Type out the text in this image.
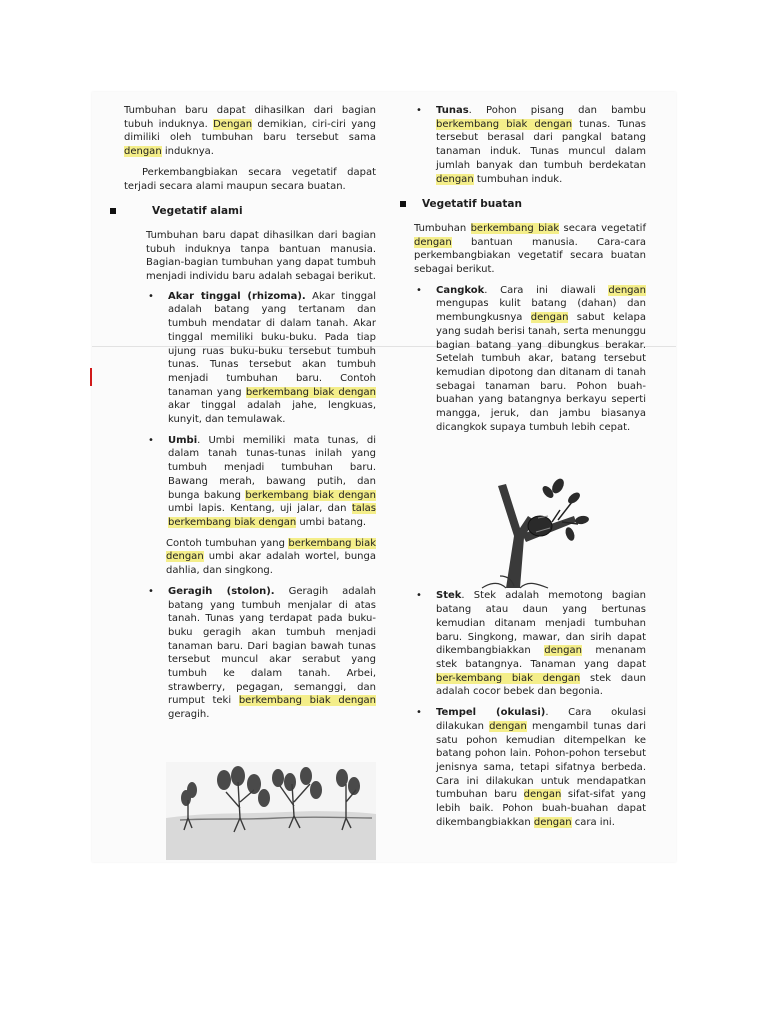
Tumbuhan baru dapat dihasilkan dari bagian tubuh induknya. Dengan demikian, ciri-ciri yang dimiliki oleh tumbuhan baru tersebut sama dengan induknya.

Perkembangbiakan secara vegetatif dapat terjadi secara alami maupun secara buatan.

Vegetatif alami

Tumbuhan baru dapat dihasilkan dari bagian tubuh induknya tanpa bantuan manusia. Bagian-bagian tumbuhan yang dapat tumbuh menjadi individu baru adalah sebagai berikut.

• Akar tinggal (rhizoma). Akar tinggal adalah batang yang tertanam dan tumbuh mendatar di dalam tanah. Akar tinggal memiliki buku-buku. Pada tiap ujung ruas buku-buku tersebut tumbuh tunas. Tunas tersebut akan tumbuh menjadi tumbuhan baru. Contoh tanaman yang berkembang biak dengan akar tinggal adalah jahe, lengkuas, kunyit, dan temulawak.
• Umbi. Umbi memiliki mata tunas, di dalam tanah tunas-tunas inilah yang tumbuh menjadi tumbuhan baru. Bawang merah, bawang putih, dan bunga bakung berkembang biak dengan umbi lapis. Kentang, uji jalar, dan talas berkembang biak dengan umbi batang.

Contoh tumbuhan yang berkembang biak dengan umbi akar adalah wortel, bunga dahlia, dan singkong.

• Geragih (stolon). Geragih adalah batang yang tumbuh menjalar di atas tanah. Tunas yang terdapat pada buku-buku geragih akan tumbuh menjadi tanaman baru. Dari bagian bawah tunas tersebut muncul akar serabut yang tumbuh ke dalam tanah. Arbei, strawberry, pegagan, semanggi, dan rumput teki berkembang biak dengan geragih.
• Tunas. Pohon pisang dan bambu berkembang biak dengan tunas. Tunas tersebut berasal dari pangkal batang tanaman induk. Tunas muncul dalam jumlah banyak dan tumbuh berdekatan dengan tumbuhan induk.
Vegetatif buatan

Tumbuhan berkembang biak secara vegetatif dengan bantuan manusia. Cara-cara perkembangbiakan vegetatif secara buatan sebagai berikut.

• Cangkok. Cara ini diawali dengan mengupas kulit batang (dahan) dan membungkusnya dengan sabut kelapa yang sudah berisi tanah, serta menunggu bagian batang yang dibungkus berakar. Setelah tumbuh akar, batang tersebut kemudian dipotong dan ditanam di tanah sebagai tanaman baru. Pohon buah-buahan yang batangnya berkayu seperti mangga, jeruk, dan jambu biasanya dicangkok supaya tumbuh lebih cepat.
• Stek. Stek adalah memotong bagian batang atau daun yang bertunas kemudian ditanam menjadi tumbuhan baru. Singkong, mawar, dan sirih dapat dikembangbiakkan dengan menanam stek batangnya. Tanaman yang dapat ber-kembang biak dengan stek daun adalah cocor bebek dan begonia.
• Tempel (okulasi). Cara okulasi dilakukan dengan mengambil tunas dari satu pohon kemudian ditempelkan ke batang pohon lain. Pohon-pohon tersebut jenisnya sama, tetapi sifatnya berbeda. Cara ini dilakukan untuk mendapatkan tumbuhan baru dengan sifat-sifat yang lebih baik. Pohon buah-buahan dapat dikembangbiakkan dengan cara ini.
